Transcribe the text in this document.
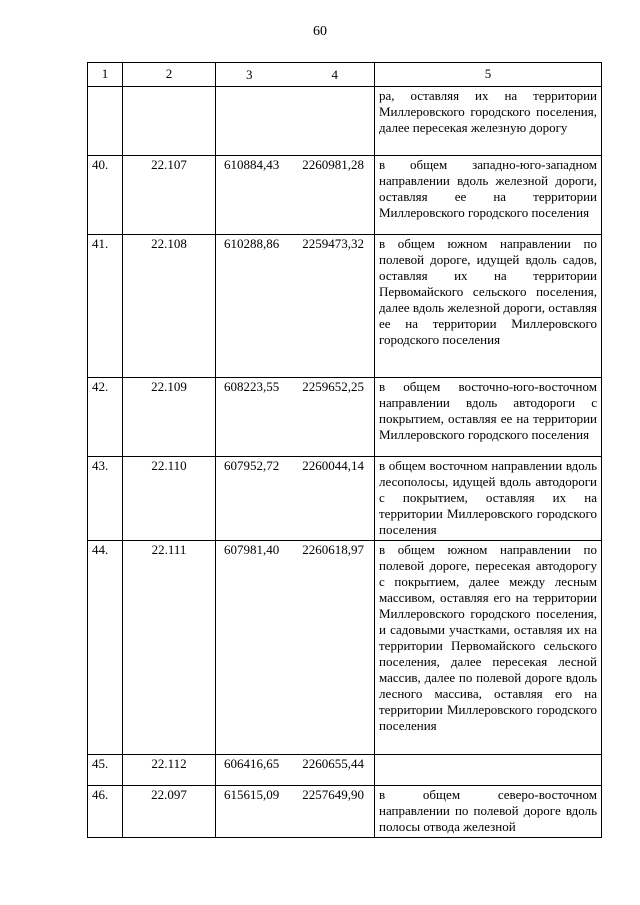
60
1	2	3 4	5

			ра, оставляя их на территории Миллеровского городского поселения, далее пересекая железную дорогу

40.	22.107	610884,43 2260981,28	в общем западно-юго-западном направлении вдоль железной дороги, оставляя ее на территории Миллеровского городского поселения

41.	22.108	610288,86 2259473,32	в общем южном направлении по полевой дороге, идущей вдоль садов, оставляя их на территории Первомайского сельского поселения, далее вдоль железной дороги, оставляя ее на территории Миллеровского городского поселения

42.	22.109	608223,55 2259652,25	в общем восточно-юго-восточном направлении вдоль автодороги с покрытием, оставляя ее на территории Миллеровского городского поселения

43.	22.110	607952,72 2260044,14	в общем восточном направлении вдоль лесополосы, идущей вдоль автодороги с покрытием, оставляя их на территории Миллеровского городского поселения

44.	22.111	607981,40 2260618,97	в общем южном направлении по полевой дороге, пересекая автодорогу с покрытием, далее между лесным массивом, оставляя его на территории Миллеровского городского поселения, и садовыми участками, оставляя их на территории Первомайского сельского поселения, далее пересекая лесной массив, далее по полевой дороге вдоль лесного массива, оставляя его на территории Миллеровского городского поселения

45.	22.112	606416,65 2260655,44	

46.	22.097	615615,09 2257649,90	в общем северо-восточном направлении по полевой дороге вдоль полосы отвода железной
